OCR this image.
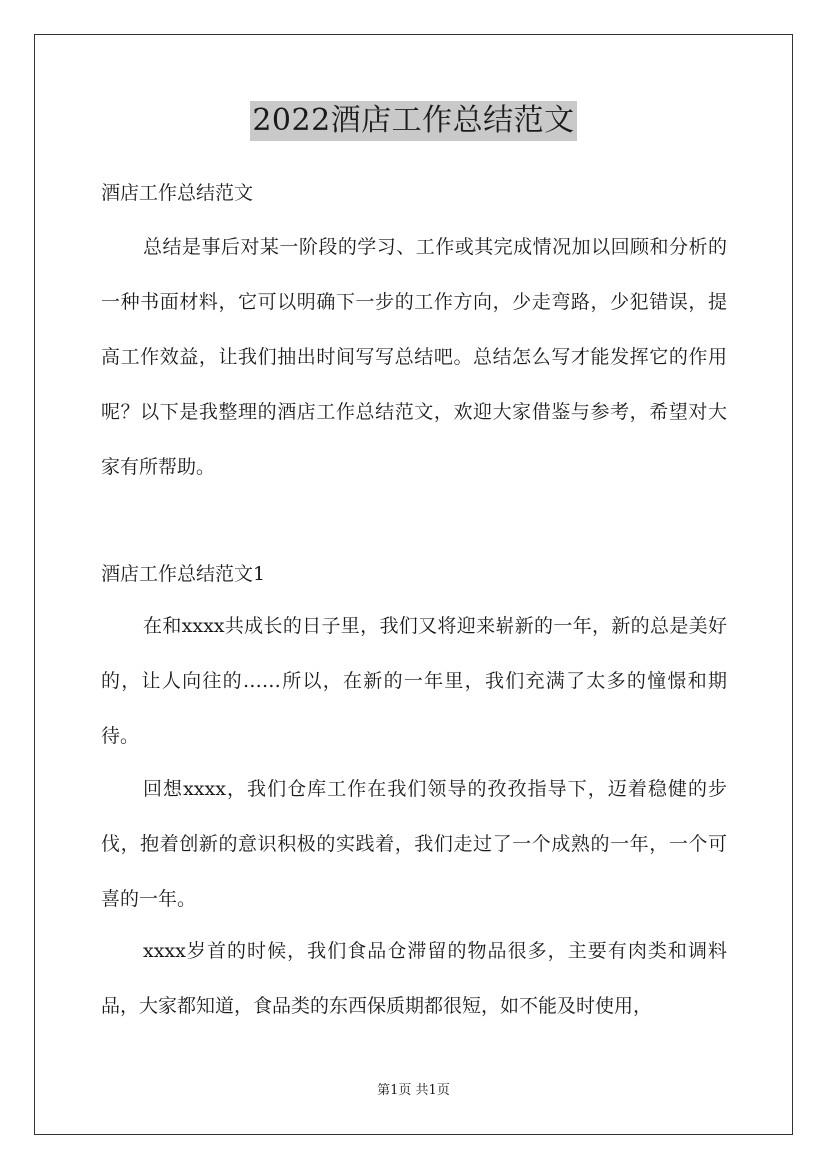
2022酒店工作总结范文
酒店工作总结范文

总结是事后对某一阶段的学习、工作或其完成情况加以回顾和分析的一种书面材料，它可以明确下一步的工作方向，少走弯路，少犯错误，提高工作效益，让我们抽出时间写写总结吧。总结怎么写才能发挥它的作用呢？以下是我整理的酒店工作总结范文，欢迎大家借鉴与参考，希望对大家有所帮助。

酒店工作总结范文1

在和xxxx共成长的日子里，我们又将迎来崭新的一年，新的总是美好的，让人向往的……所以，在新的一年里，我们充满了太多的憧憬和期待。

回想xxxx，我们仓库工作在我们领导的孜孜指导下，迈着稳健的步伐，抱着创新的意识积极的实践着，我们走过了一个成熟的一年，一个可喜的一年。

xxxx岁首的时候，我们食品仓滞留的物品很多，主要有肉类和调料品，大家都知道，食品类的东西保质期都很短，如不能及时使用，

第1页 共1页
